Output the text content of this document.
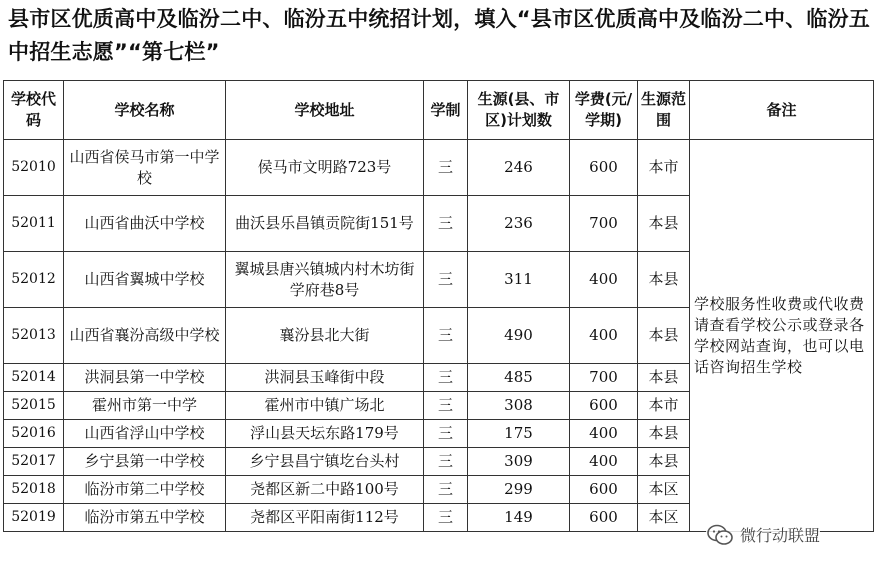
县市区优质高中及临汾二中、临汾五中统招计划，填入“县市区优质高中及临汾二中、临汾五中招生志愿”“第七栏”
学校代码	学校名称	学校地址	学制	生源(县、市区)计划数	学费(元/学期)	生源范围	备注
52010	山西省侯马市第一中学校	侯马市文明路723号	三	246	600	本市	学校服务性收费或代收费请查看学校公示或登录各学校网站查询，也可以电话咨询招生学校
52011	山西省曲沃中学校	曲沃县乐昌镇贡院街151号	三	236	700	本县	
52012	山西省翼城中学校	翼城县唐兴镇城内村木坊街学府巷8号	三	311	400	本县	
52013	山西省襄汾高级中学校	襄汾县北大街	三	490	400	本县	
52014	洪洞县第一中学校	洪洞县玉峰街中段	三	485	700	本县	
52015	霍州市第一中学	霍州市中镇广场北	三	308	600	本市	
52016	山西省浮山中学校	浮山县天坛东路179号	三	175	400	本县	
52017	乡宁县第一中学校	乡宁县昌宁镇圪台头村	三	309	400	本县	
52018	临汾市第二中学校	尧都区新二中路100号	三	299	600	本区	
52019	临汾市第五中学校	尧都区平阳南街112号	三	149	600	本区	
微行动联盟
